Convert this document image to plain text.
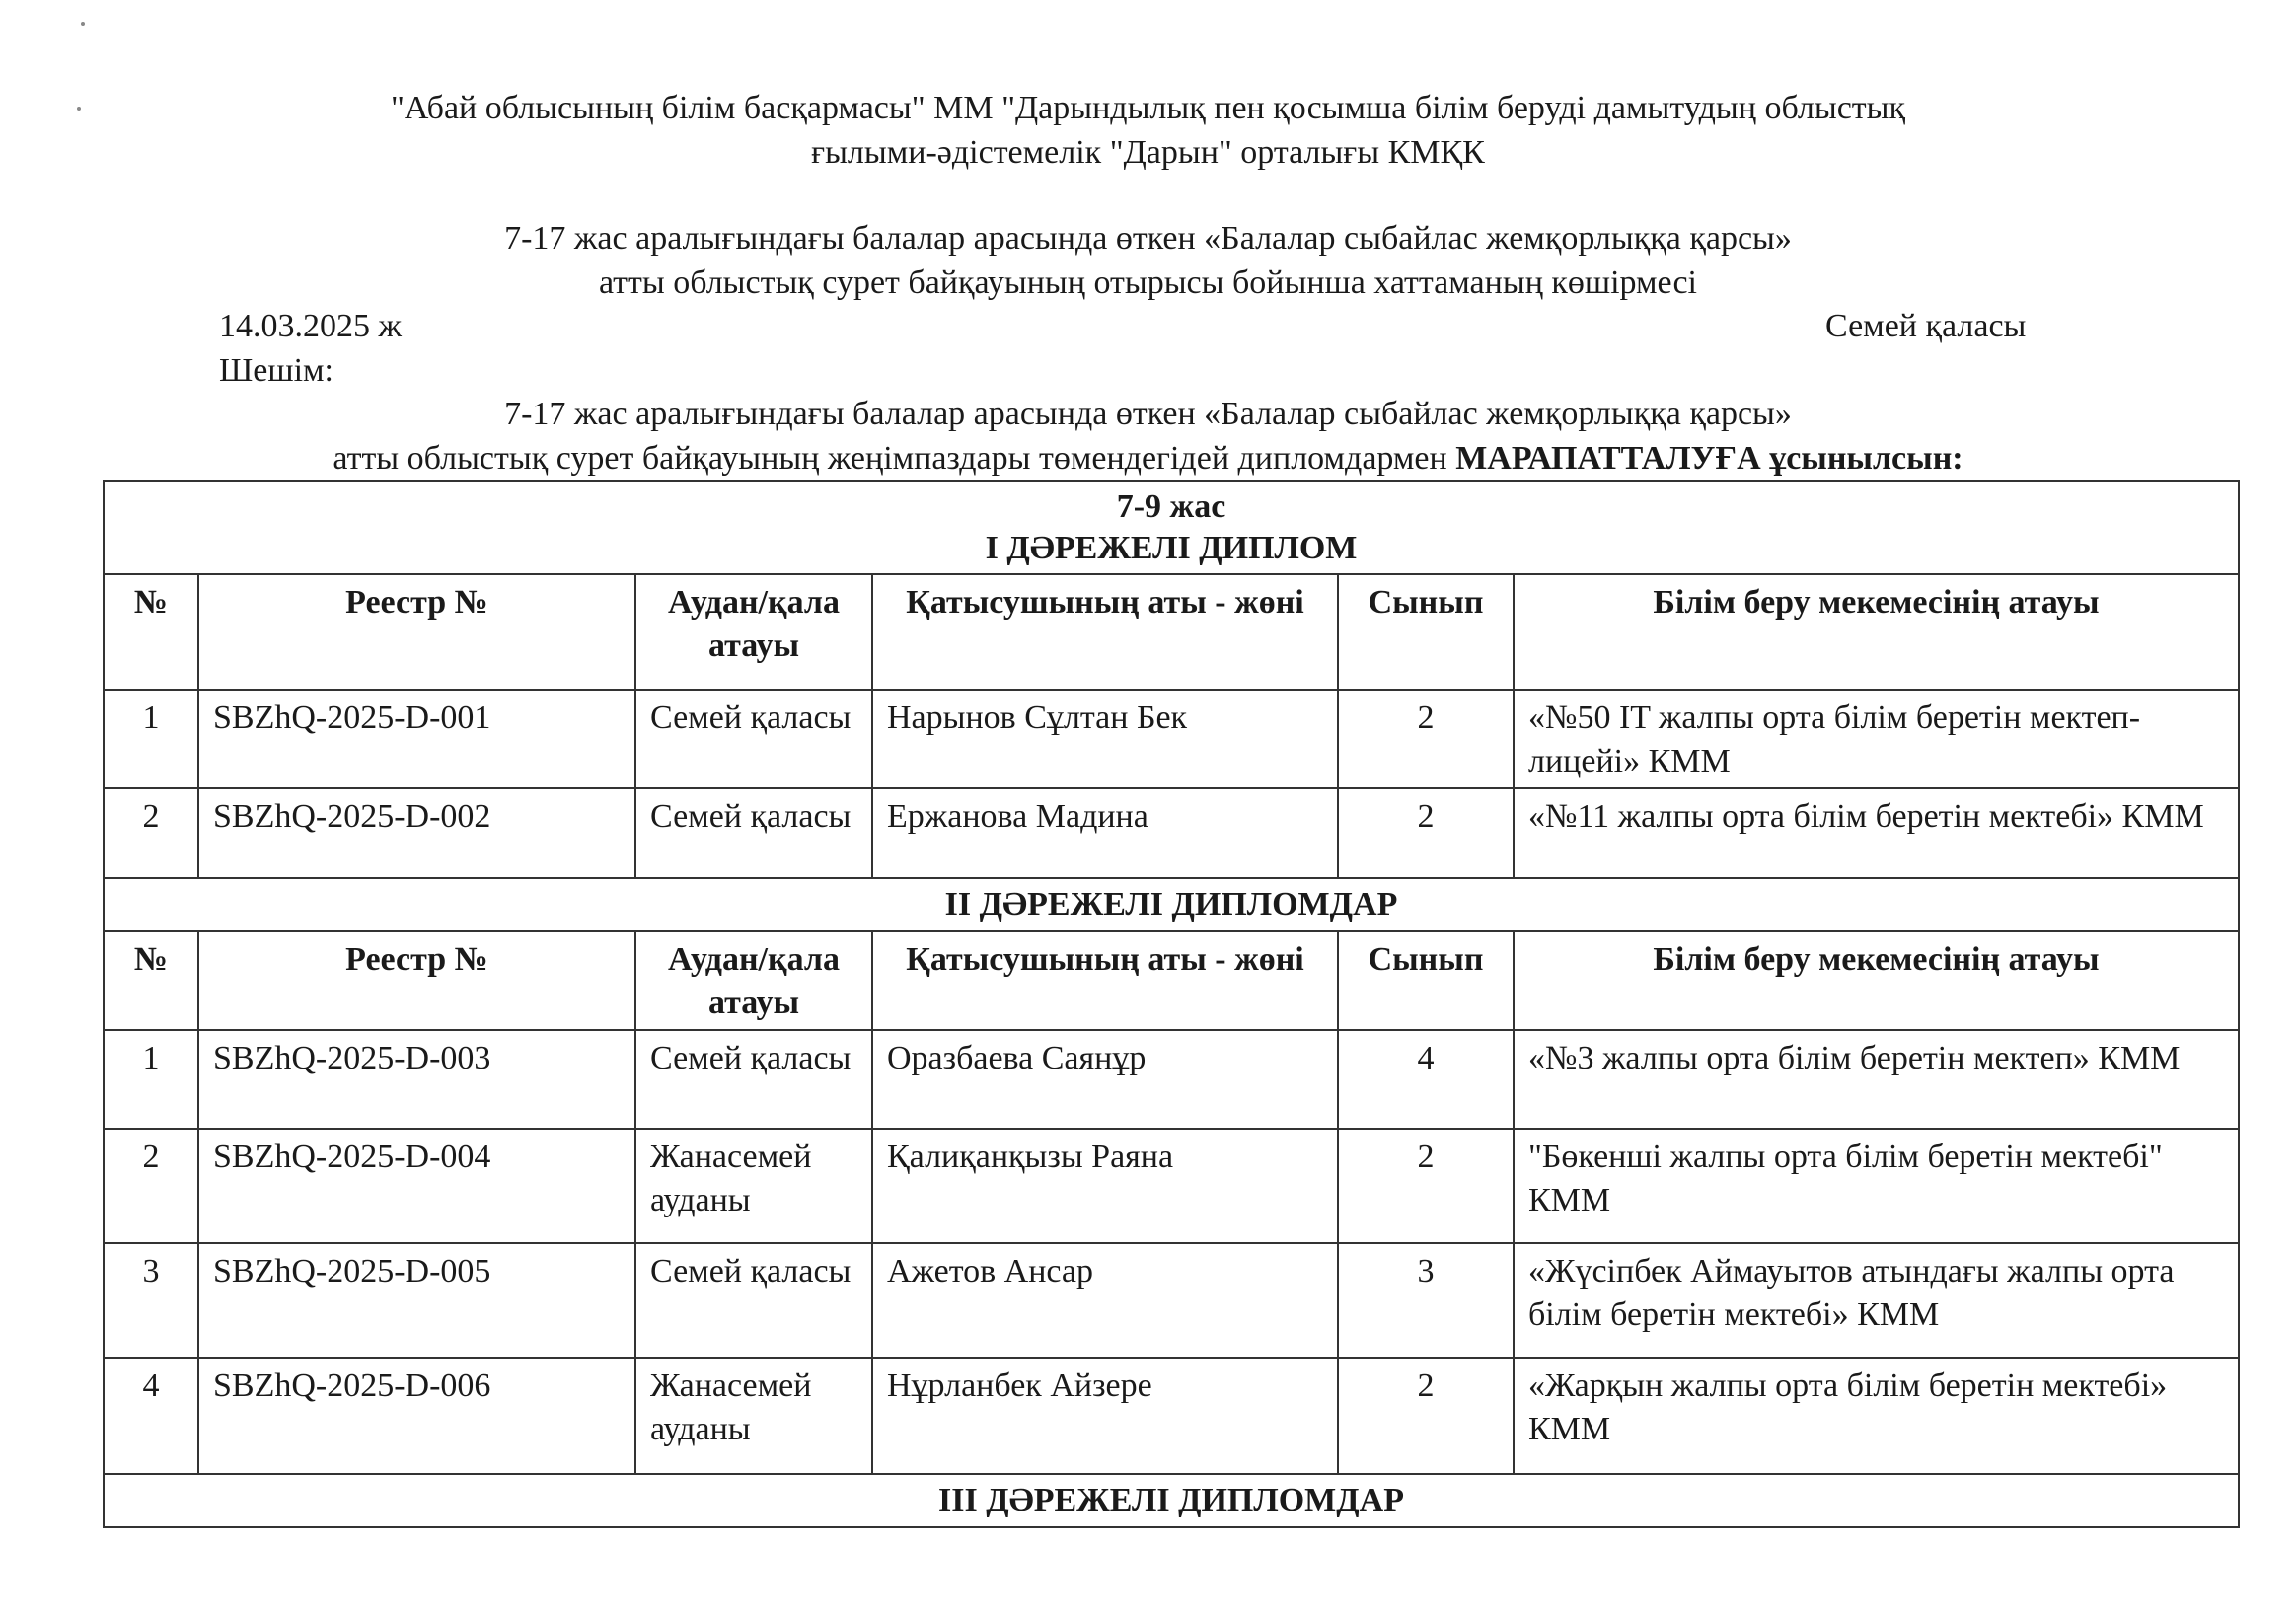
"Абай облысының білім басқармасы" ММ "Дарындылық пен қосымша білім беруді дамытудың облыстық
ғылыми-әдістемелік "Дарын" орталығы КМҚК
7-17 жас аралығындағы балалар арасында өткен «Балалар сыбайлас жемқорлыққа қарсы»
атты облыстық сурет байқауының отырысы бойынша хаттаманың көшірмесі
14.03.2025 ж	Семей қаласы
Шешім:
7-17 жас аралығындағы балалар арасында өткен «Балалар сыбайлас жемқорлыққа қарсы»
атты облыстық сурет байқауының жеңімпаздары төмендегідей дипломдармен МАРАПАТТАЛУҒА ұсынылсын:
7-9 жас
І ДӘРЕЖЕЛІ ДИПЛОМ					

№	Реестр №	Аудан/қала атауы	Қатысушының аты - жөні	Сынып	Білім беру мекемесінің атауы
1	SBZhQ-2025-D-001	Семей қаласы	Нарынов Сұлтан Бек	2	«№50 IT жалпы орта білім беретін мектеп-лицейі» КММ
2	SBZhQ-2025-D-002	Семей қаласы	Ержанова Мадина	2	«№11 жалпы орта білім беретін мектебі» КММ
ІІ ДӘРЕЖЕЛІ ДИПЛОМДАР					
№	Реестр №	Аудан/қала атауы	Қатысушының аты - жөні	Сынып	Білім беру мекемесінің атауы
1	SBZhQ-2025-D-003	Семей қаласы	Оразбаева Саянұр	4	«№3 жалпы орта білім беретін мектеп» КММ
2	SBZhQ-2025-D-004	Жанасемей ауданы	Қалиқанқызы Раяна	2	"Бөкенші жалпы орта білім беретін мектебі" КММ
3	SBZhQ-2025-D-005	Семей қаласы	Ажетов Ансар	3	«Жүсіпбек Аймауытов атындағы жалпы орта білім беретін мектебі» КММ
4	SBZhQ-2025-D-006	Жанасемей ауданы	Нұрланбек Айзере	2	«Жарқын жалпы орта білім беретін мектебі» КММ
ІІІ ДӘРЕЖЕЛІ ДИПЛОМДАР					
